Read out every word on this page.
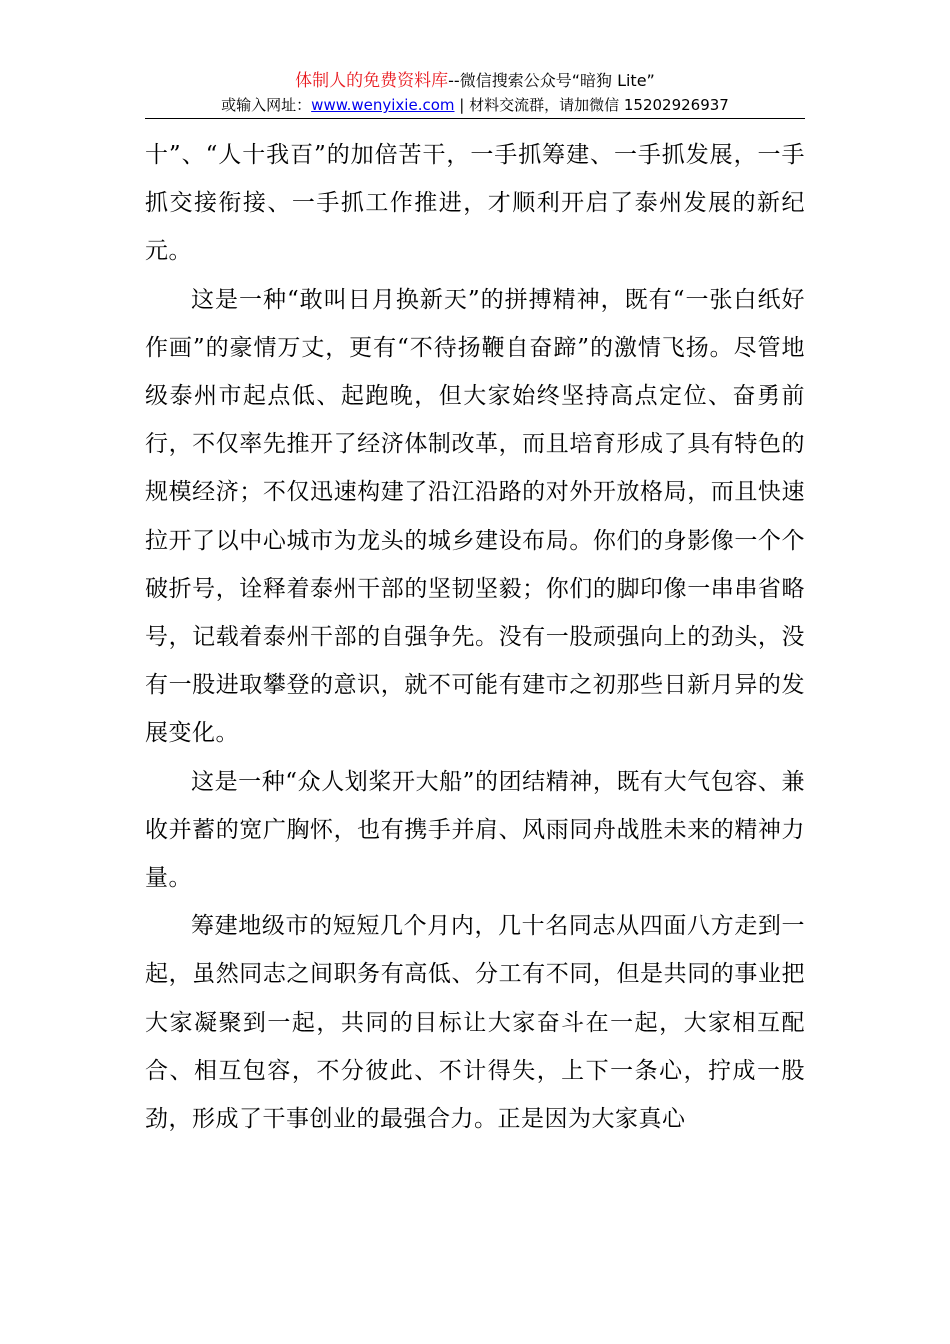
体制人的免费资料库--微信搜索公众号“暗狗 Lite”
或输入网址：www.wenyixie.com | 材料交流群，请加微信 15202926937

十”、“人十我百”的加倍苦干，一手抓筹建、一手抓发展，一手抓交接衔接、一手抓工作推进，才顺利开启了泰州发展的新纪元。

这是一种“敢叫日月换新天”的拼搏精神，既有“一张白纸好作画”的豪情万丈，更有“不待扬鞭自奋蹄”的激情飞扬。尽管地级泰州市起点低、起跑晚，但大家始终坚持高点定位、奋勇前行，不仅率先推开了经济体制改革，而且培育形成了具有特色的规模经济；不仅迅速构建了沿江沿路的对外开放格局，而且快速拉开了以中心城市为龙头的城乡建设布局。你们的身影像一个个破折号，诠释着泰州干部的坚韧坚毅；你们的脚印像一串串省略号，记载着泰州干部的自强争先。没有一股顽强向上的劲头，没有一股进取攀登的意识，就不可能有建市之初那些日新月异的发展变化。

这是一种“众人划桨开大船”的团结精神，既有大气包容、兼收并蓄的宽广胸怀，也有携手并肩、风雨同舟战胜未来的精神力量。

筹建地级市的短短几个月内，几十名同志从四面八方走到一起，虽然同志之间职务有高低、分工有不同，但是共同的事业把大家凝聚到一起，共同的目标让大家奋斗在一起，大家相互配合、相互包容，不分彼此、不计得失，上下一条心，拧成一股劲，形成了干事创业的最强合力。正是因为大家真心
